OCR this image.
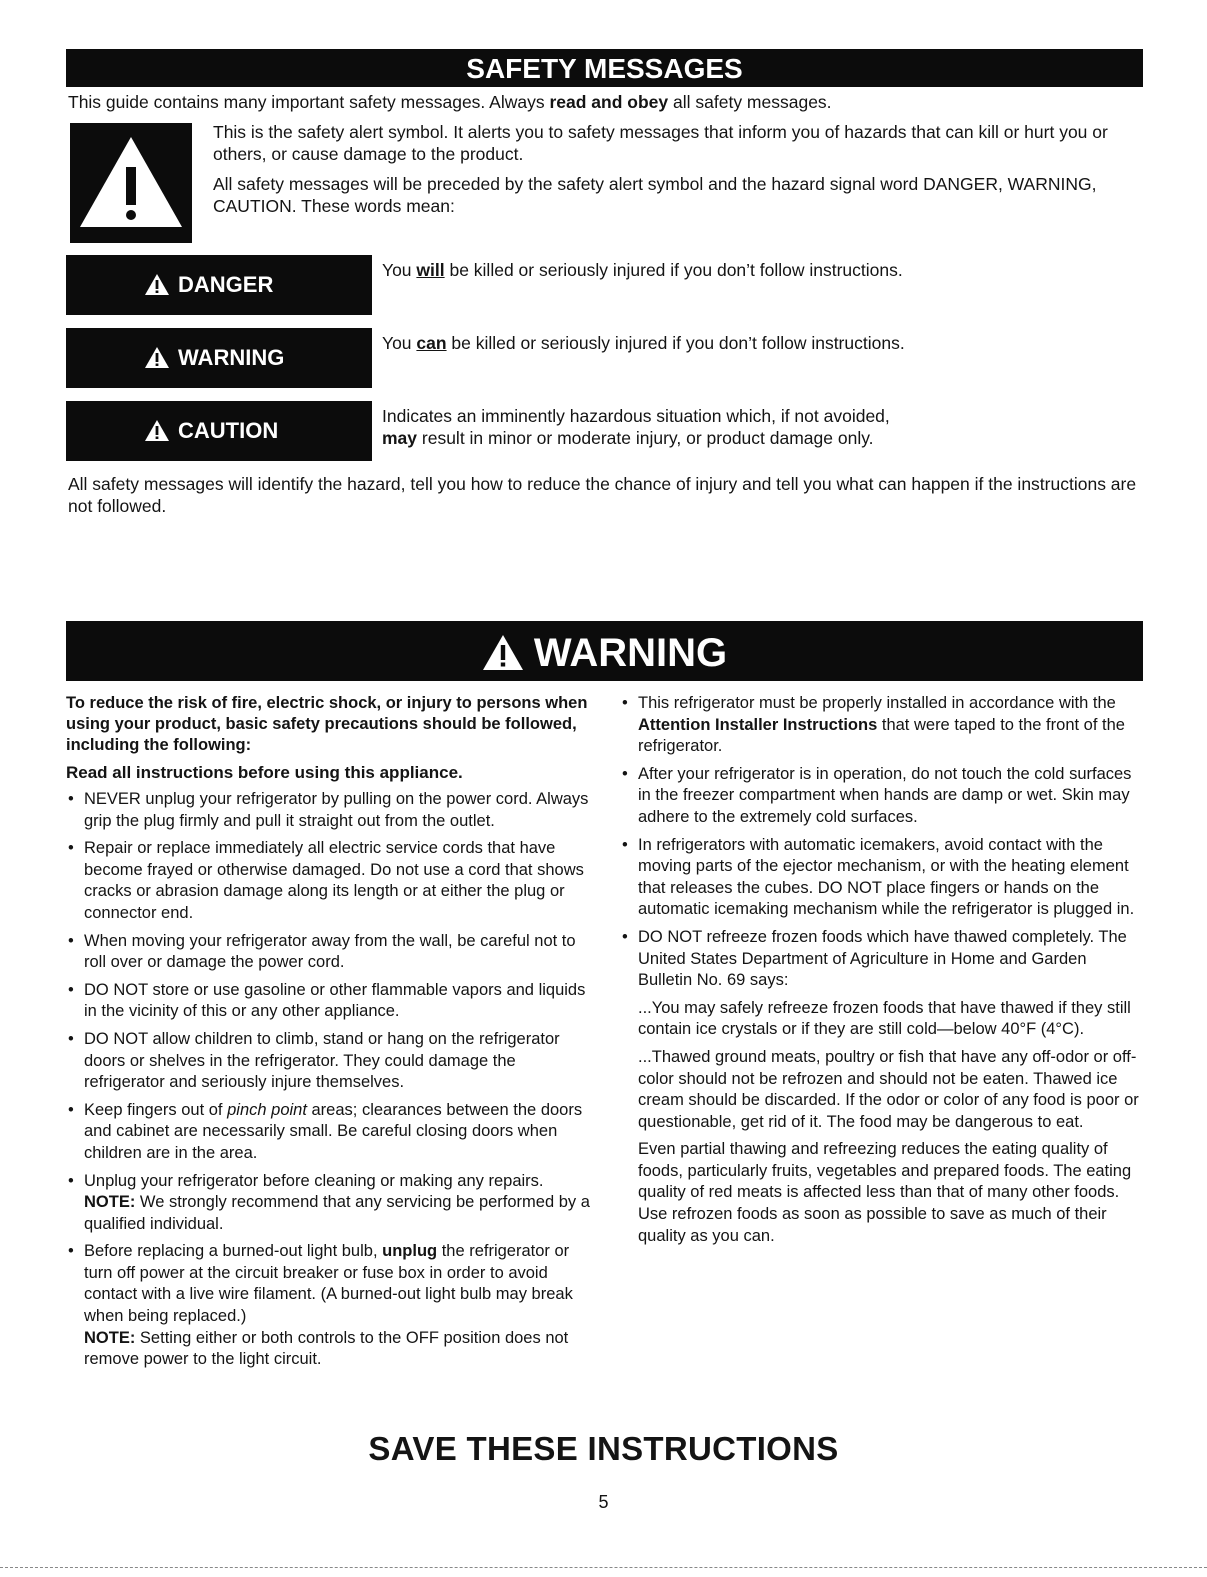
SAFETY MESSAGES

This guide contains many important safety messages. Always read and obey all safety messages.

This is the safety alert symbol. It alerts you to safety messages that inform you of hazards that can kill or hurt you or others, or cause damage to the product.

All safety messages will be preceded by the safety alert symbol and the hazard signal word DANGER, WARNING, CAUTION. These words mean:

DANGER

You will be killed or seriously injured if you don’t follow instructions.

WARNING

You can be killed or seriously injured if you don’t follow instructions.

CAUTION

Indicates an imminently hazardous situation which, if not avoided,

may result in minor or moderate injury, or product damage only.

All safety messages will identify the hazard, tell you how to reduce the chance of injury and tell you what can happen if the instructions are not followed.

WARNING

To reduce the risk of fire, electric shock, or injury to persons when using your product, basic safety precautions should be followed, including the following:

Read all instructions before using this appliance.

• NEVER unplug your refrigerator by pulling on the power cord. Always grip the plug firmly and pull it straight out from the outlet.
• Repair or replace immediately all electric service cords that have become frayed or otherwise damaged. Do not use a cord that shows cracks or abrasion damage along its length or at either the plug or connector end.
• When moving your refrigerator away from the wall, be careful not to roll over or damage the power cord.
• DO NOT store or use gasoline or other flammable vapors and liquids in the vicinity of this or any other appliance.
• DO NOT allow children to climb, stand or hang on the refrigerator doors or shelves in the refrigerator. They could damage the refrigerator and seriously injure themselves.
• Keep fingers out of pinch point areas; clearances between the doors and cabinet are necessarily small. Be careful closing doors when children are in the area.
• Unplug your refrigerator before cleaning or making any repairs.
NOTE: We strongly recommend that any servicing be performed by a qualified individual.
• Before replacing a burned-out light bulb, unplug the refrigerator or turn off power at the circuit breaker or fuse box in order to avoid contact with a live wire filament. (A burned-out light bulb may break when being replaced.)
NOTE: Setting either or both controls to the OFF position does not remove power to the light circuit.
• This refrigerator must be properly installed in accordance with the Attention Installer Instructions that were taped to the front of the refrigerator.
• After your refrigerator is in operation, do not touch the cold surfaces in the freezer compartment when hands are damp or wet. Skin may adhere to the extremely cold surfaces.
• In refrigerators with automatic icemakers, avoid contact with the moving parts of the ejector mechanism, or with the heating element that releases the cubes. DO NOT place fingers or hands on the automatic icemaking mechanism while the refrigerator is plugged in.
• DO NOT refreeze frozen foods which have thawed completely. The United States Department of Agriculture in Home and Garden Bulletin No. 69 says:

...You may safely refreeze frozen foods that have thawed if they still contain ice crystals or if they are still cold—below 40°F (4°C).

...Thawed ground meats, poultry or fish that have any off-odor or off-color should not be refrozen and should not be eaten. Thawed ice cream should be discarded. If the odor or color of any food is poor or questionable, get rid of it. The food may be dangerous to eat.

Even partial thawing and refreezing reduces the eating quality of foods, particularly fruits, vegetables and prepared foods. The eating quality of red meats is affected less than that of many other foods. Use refrozen foods as soon as possible to save as much of their quality as you can.

SAVE THESE INSTRUCTIONS
5
